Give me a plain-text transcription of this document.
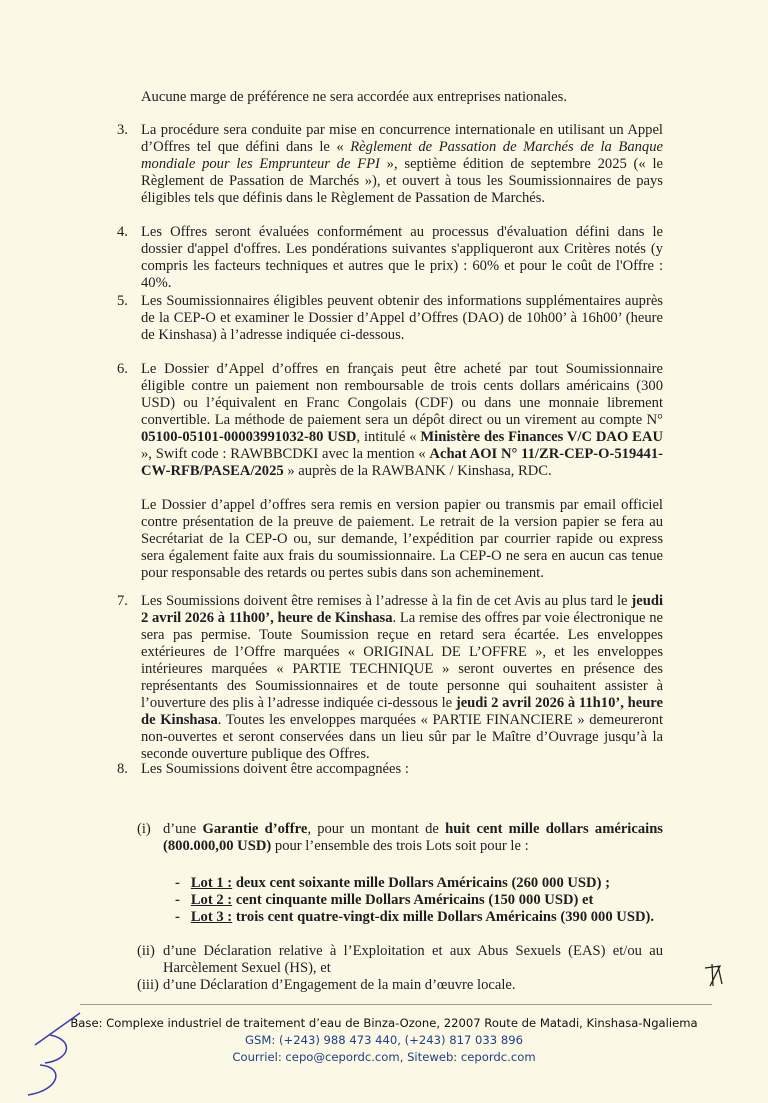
Aucune marge de préférence ne sera accordée aux entreprises nationales.
3. La procédure sera conduite par mise en concurrence internationale en utilisant un Appel d’Offres tel que défini dans le « Règlement de Passation de Marchés de la Banque mondiale pour les Emprunteur de FPI », septième édition de septembre 2025 (« le Règlement de Passation de Marchés »), et ouvert à tous les Soumissionnaires de pays éligibles tels que définis dans le Règlement de Passation de Marchés.
4. Les Offres seront évaluées conformément au processus d'évaluation défini dans le dossier d'appel d'offres. Les pondérations suivantes s'appliqueront aux Critères notés (y compris les facteurs techniques et autres que le prix) : 60% et pour le coût de l'Offre : 40%.
5. Les Soumissionnaires éligibles peuvent obtenir des informations supplémentaires auprès de la CEP-O et examiner le Dossier d’Appel d’Offres (DAO) de 10h00’ à 16h00’ (heure de Kinshasa) à l’adresse indiquée ci-dessous.
6. Le Dossier d’Appel d’offres en français peut être acheté par tout Soumissionnaire éligible contre un paiement non remboursable de trois cents dollars américains (300 USD) ou l’équivalent en Franc Congolais (CDF) ou dans une monnaie librement convertible. La méthode de paiement sera un dépôt direct ou un virement au compte N° 05100-05101-00003991032-80 USD, intitulé « Ministère des Finances V/C DAO EAU », Swift code : RAWBBCDKI avec la mention « Achat AOI N° 11/ZR-CEP-O-519441-CW-RFB/PASEA/2025 » auprès de la RAWBANK / Kinshasa, RDC.
Le Dossier d’appel d’offres sera remis en version papier ou transmis par email officiel contre présentation de la preuve de paiement. Le retrait de la version papier se fera au Secrétariat de la CEP-O ou, sur demande, l’expédition par courrier rapide ou express sera également faite aux frais du soumissionnaire. La CEP-O ne sera en aucun cas tenue pour responsable des retards ou pertes subis dans son acheminement.
7. Les Soumissions doivent être remises à l’adresse à la fin de cet Avis au plus tard le jeudi 2 avril 2026 à 11h00’, heure de Kinshasa. La remise des offres par voie électronique ne sera pas permise. Toute Soumission reçue en retard sera écartée. Les enveloppes extérieures de l’Offre marquées « ORIGINAL DE L’OFFRE », et les enveloppes intérieures marquées « PARTIE TECHNIQUE » seront ouvertes en présence des représentants des Soumissionnaires et de toute personne qui souhaitent assister à l’ouverture des plis à l’adresse indiquée ci-dessous le jeudi 2 avril 2026 à 11h10’, heure de Kinshasa. Toutes les enveloppes marquées « PARTIE FINANCIERE » demeureront non-ouvertes et seront conservées dans un lieu sûr par le Maître d’Ouvrage jusqu’à la seconde ouverture publique des Offres.
8. Les Soumissions doivent être accompagnées :
(i) d’une Garantie d’offre, pour un montant de huit cent mille dollars américains (800.000,00 USD) pour l’ensemble des trois Lots soit pour le :
(ii) d’une Déclaration relative à l’Exploitation et aux Abus Sexuels (EAS) et/ou au Harcèlement Sexuel (HS), et
(iii) d’une Déclaration d’Engagement de la main d’œuvre locale.
-   Lot 1 : deux cent soixante mille Dollars Américains (260 000 USD) ;
-   Lot 2 : cent cinquante mille Dollars Américains (150 000 USD) et
-   Lot 3 : trois cent quatre-vingt-dix mille Dollars Américains (390 000 USD).
Base: Complexe industriel de traitement d’eau de Binza-Ozone, 22007 Route de Matadi, Kinshasa-Ngaliema
GSM: (+243) 988 473 440, (+243) 817 033 896
Courriel: cepo@cepordc.com, Siteweb: cepordc.com
